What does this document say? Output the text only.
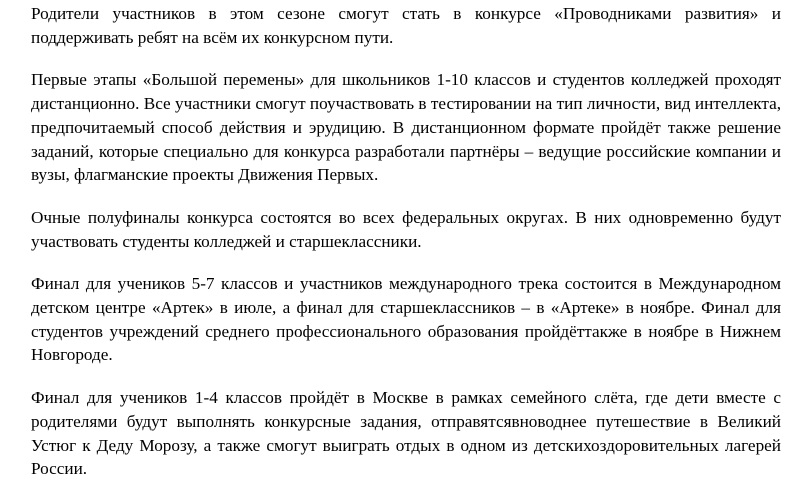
Родители участников в этом сезоне смогут стать в конкурсе «Проводниками развития» и поддерживать ребят на всём их конкурсном пути.

Первые этапы «Большой перемены» для школьников 1-10 классов и студентов колледжей проходят дистанционно. Все участники смогут поучаствовать в тестировании на тип личности, вид интеллекта, предпочитаемый способ действия и эрудицию. В дистанционном формате пройдёт также решение заданий, которые специально для конкурса разработали партнёры – ведущие российские компании и вузы, флагманские проекты Движения Первых.

Очные полуфиналы конкурса состоятся во всех федеральных округах. В них одновременно будут участвовать студенты колледжей и старшеклассники.

Финал для учеников 5-7 классов и участников международного трека состоится в Международном детском центре «Артек» в июле, а финал для старшеклассников – в «Артеке» в ноябре. Финал для студентов учреждений среднего профессионального образования пройдёттакже в ноябре в Нижнем Новгороде.

Финал для учеников 1-4 классов пройдёт в Москве в рамках семейного слёта, где дети вместе с родителями будут выполнять конкурсные задания, отправятсявноводнее путешествие в Великий Устюг к Деду Морозу, а также смогут выиграть отдых в одном из детскихоздоровительных лагерей России.
